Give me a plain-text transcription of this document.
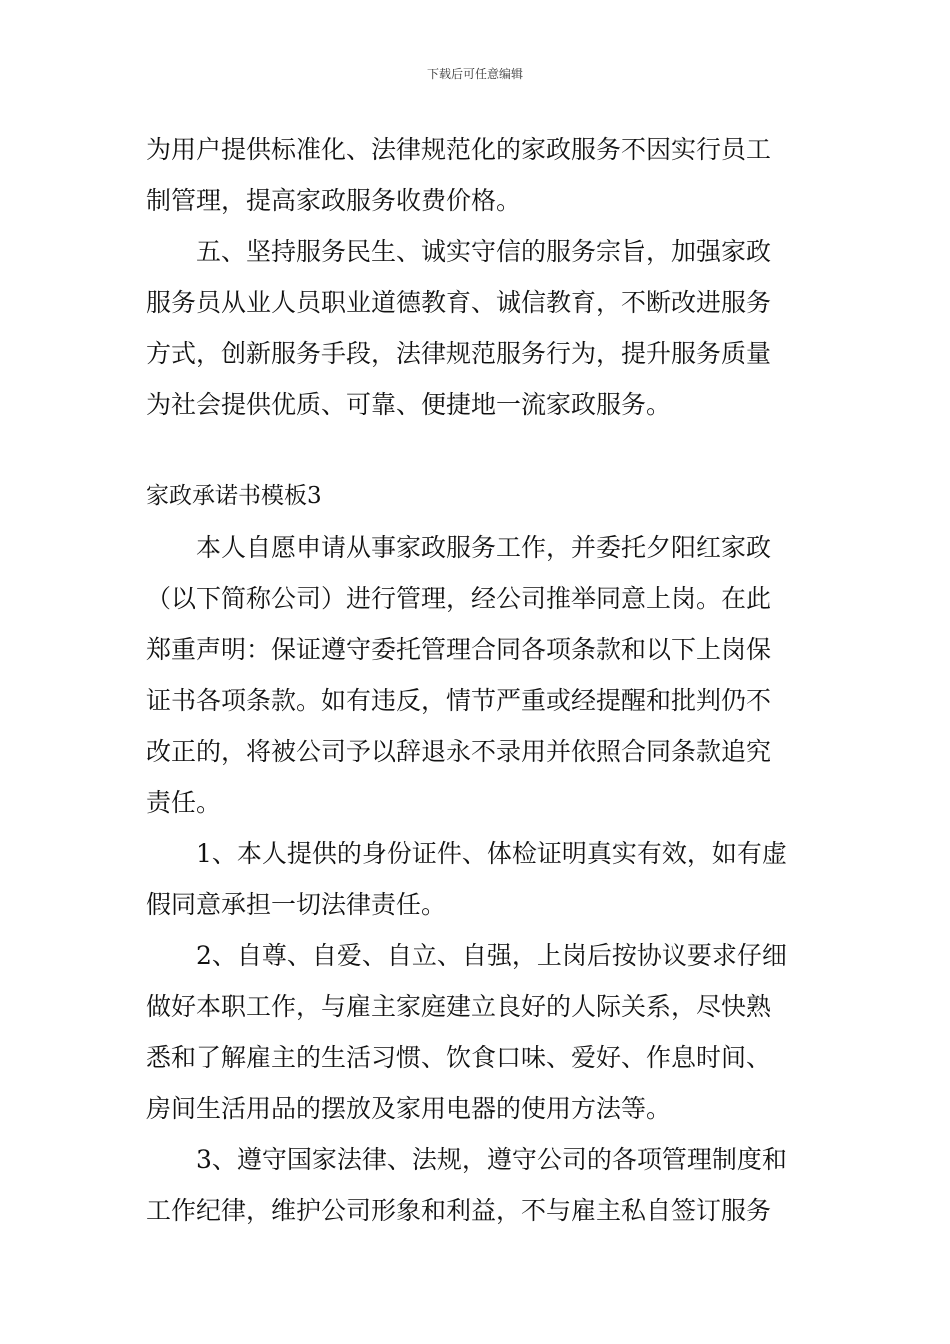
下载后可任意编辑
为用户提供标准化、法律规范化的家政服务不因实行员工
制管理，提高家政服务收费价格。
五、坚持服务民生、诚实守信的服务宗旨，加强家政
服务员从业人员职业道德教育、诚信教育，不断改进服务
方式，创新服务手段，法律规范服务行为，提升服务质量
为社会提供优质、可靠、便捷地一流家政服务。
家政承诺书模板3
本人自愿申请从事家政服务工作，并委托夕阳红家政
（以下简称公司）进行管理，经公司推举同意上岗。在此
郑重声明：保证遵守委托管理合同各项条款和以下上岗保
证书各项条款。如有违反，情节严重或经提醒和批判仍不
改正的，将被公司予以辞退永不录用并依照合同条款追究
责任。
1、本人提供的身份证件、体检证明真实有效，如有虚
假同意承担一切法律责任。
2、自尊、自爱、自立、自强，上岗后按协议要求仔细
做好本职工作，与雇主家庭建立良好的人际关系，尽快熟
悉和了解雇主的生活习惯、饮食口味、爱好、作息时间、
房间生活用品的摆放及家用电器的使用方法等。
3、遵守国家法律、法规，遵守公司的各项管理制度和
工作纪律，维护公司形象和利益，不与雇主私自签订服务
